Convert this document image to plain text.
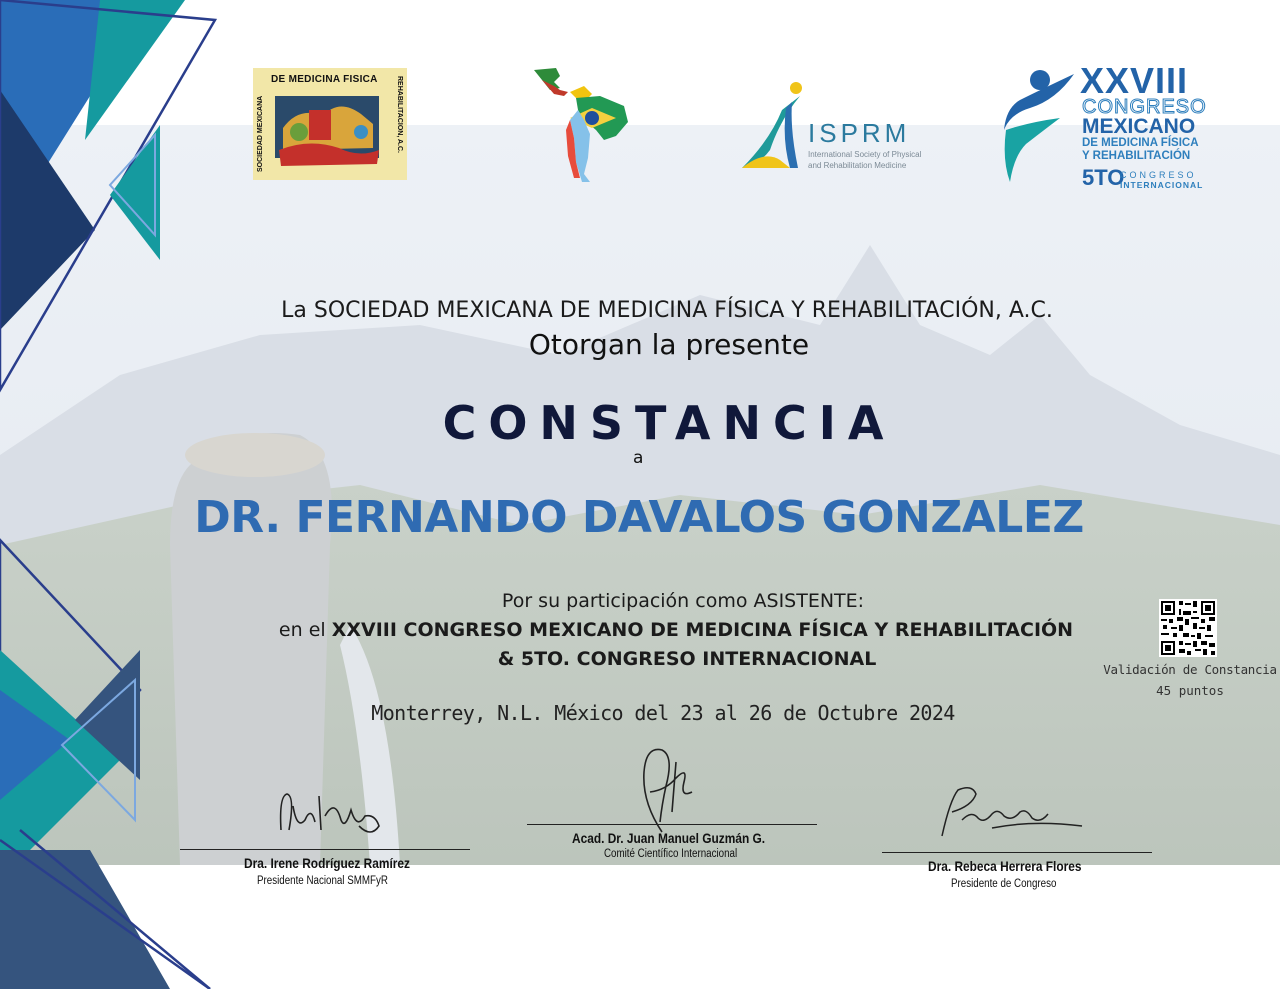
DE MEDICINA FISICA
SOCIEDAD MEXICANA	REHABILITACION, A.C.	ISPRM
International Society of Physical
and Rehabilitation Medicine
XXVIII
CONGRESO
MEXICANO
DE MEDICINA FÍSICA
Y REHABILITACIÓN
5TO
CONGRESO
INTERNACIONAL
La SOCIEDAD MEXICANA DE MEDICINA FÍSICA Y REHABILITACIÓN, A.C.
Otorgan la presente
CONSTANCIA
a
DR. FERNANDO DAVALOS GONZALEZ
Por su participación como ASISTENTE:
en el XXVIII CONGRESO MEXICANO DE MEDICINA FÍSICA Y REHABILITACIÓN
& 5TO. CONGRESO INTERNACIONAL
Monterrey, N.L. México del 23 al 26 de Octubre 2024
Validación de Constancia
45 puntos
Dra. Irene Rodríguez Ramírez
Presidente Nacional SMMFyR
Acad. Dr. Juan Manuel Guzmán G.
Comité Científico Internacional
Dra. Rebeca Herrera Flores
Presidente de Congreso
